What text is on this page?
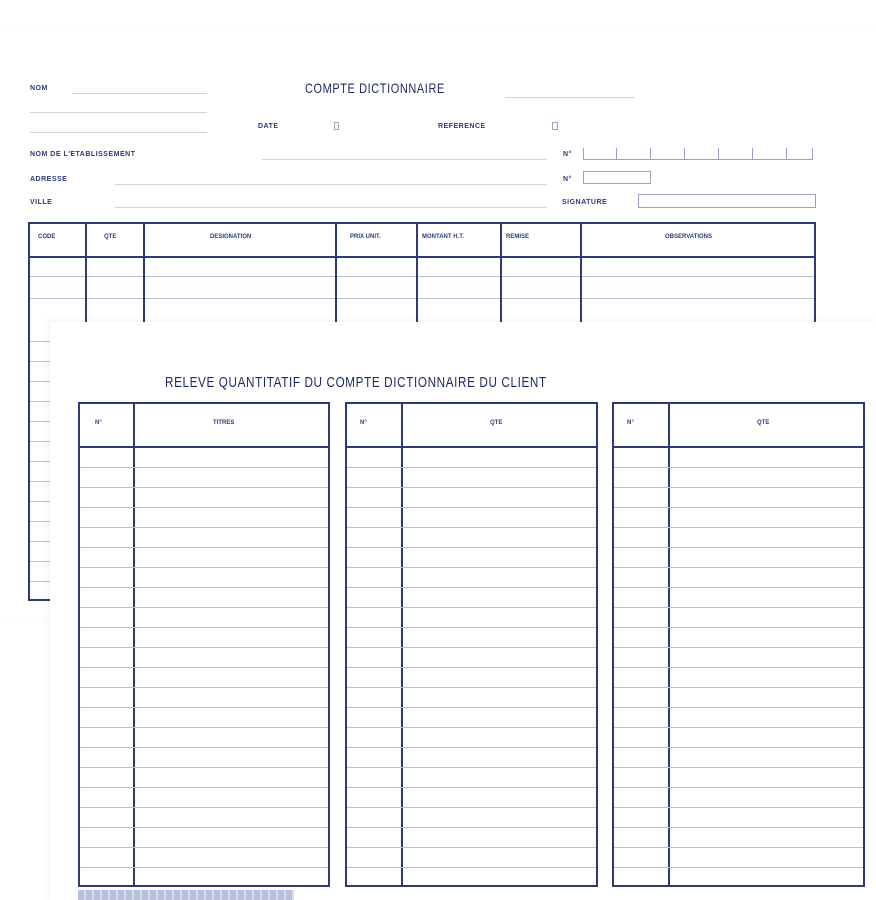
NOM	COMPTE DICTIONNAIRE
DATE	REFERENCE
NOM DE L'ETABLISSEMENT	N°
ADRESSE	N°
VILLE	SIGNATURE
CODE	QTE	DESIGNATION	PRIX UNIT.	MONTANT H.T.	REMISE	OBSERVATIONS
RELEVE QUANTITATIF DU COMPTE DICTIONNAIRE DU CLIENT
N°	TITRES	N°	QTE	N°	QTE
